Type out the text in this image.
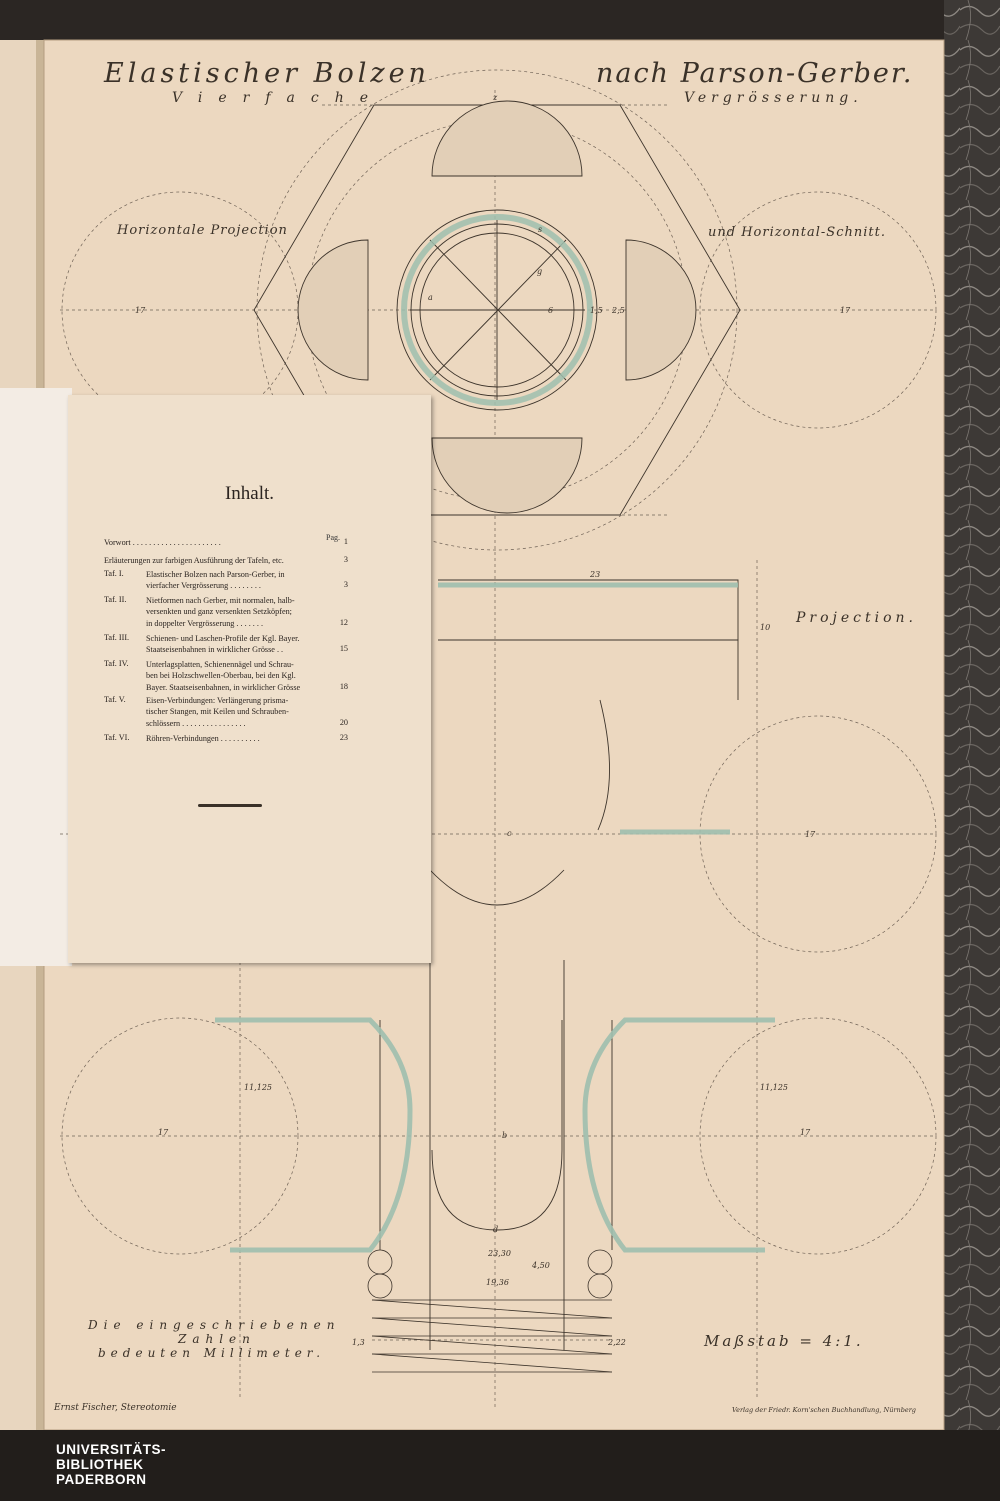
17	17
17
17	17
23
10
6	1,5 2,5
11,125	11,125
23,30
19,36
4,50
1,3	2,22
z
a
b
c
d
g
s
Elastischer Bolzen	nach Parson-Gerber.
Vierfache	Vergrösserung.
Horizontale Projection	und Horizontal-Schnitt.
Projection.
Die eingeschriebenen
Zahlen
bedeuten Millimeter.
Maßstab = 4:1.
Ernst Fischer, Stereotomie	Verlag der Friedr. Korn'schen Buchhandlung, Nürnberg
Inhalt.
Pag.
Vorwort . . . . . . . . . . . . . . . . . . . . . .	1
Erläuterungen zur farbigen Ausführung der Tafeln, etc.	3
Taf. I.	Elastischer Bolzen nach Parson-Gerber, in
vierfacher Vergrösserung . . . . . . . .	3
Taf. II. Nietformen nach Gerber, mit normalen, halb-
versenkten und ganz versenkten Setzköpfen;
in doppelter Vergrösserung . . . . . . .	12
Taf. III. Schienen- und Laschen-Profile der Kgl. Bayer.
Staatseisenbahnen in wirklicher Grösse . .	15
Taf. IV. Unterlagsplatten, Schienennägel und Schrau-
ben bei Holzschwellen-Oberbau, bei den Kgl.
Bayer. Staatseisenbahnen, in wirklicher Grösse	18
Taf. V. Eisen-Verbindungen: Verlängerung prisma-
tischer Stangen, mit Keilen und Schrauben-
schlössern . . . . . . . . . . . . . . . .	20
Taf. VI. Röhren-Verbindungen . . . . . . . . . .	23
UNIVERSITÄTS-
BIBLIOTHEK
PADERBORN
